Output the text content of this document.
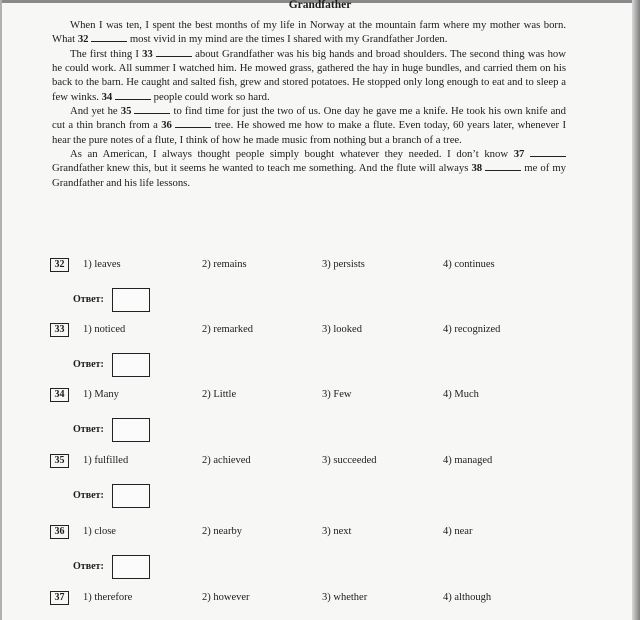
Grandfather

When I was ten, I spent the best months of my life in Norway at the mountain farm where my mother was born. What 32	most vivid in my mind are the times I shared with my Grandfather Jorden.

The first thing I 33	about Grandfather was his big hands and broad shoulders. The second thing was how he could work. All summer I watched him. He mowed grass, gathered the hay in huge bundles, and carried them on his back to the barn. He caught and salted fish, grew and stored potatoes. He stopped only long enough to eat and to sleep a few winks. 34	people could work so hard.

And yet he 35	to find time for just the two of us. One day he gave me a knife. He took his own knife and cut a thin branch from a 36	tree. He showed me how to make a flute. Even today, 60 years later, whenever I hear the pure notes of a flute, I think of how he made music from nothing but a branch of a tree.

As an American, I always thought people simply bought whatever they needed. I don’t know 37  Grandfather knew this, but it seems he wanted to teach me something. And the flute will always 38	me of my Grandfather and his life lessons.

32	1) leaves	2) remains	3) persists	4) continues
Ответ:
33	1) noticed	2) remarked	3) looked	4) recognized
Ответ:
34	1) Many	2) Little	3) Few	4) Much
Ответ:
35	1) fulfilled	2) achieved	3) succeeded	4) managed
Ответ:
36	1) close	2) nearby	3) next	4) near
Ответ:
37	1) therefore	2) however	3) whether	4) although
